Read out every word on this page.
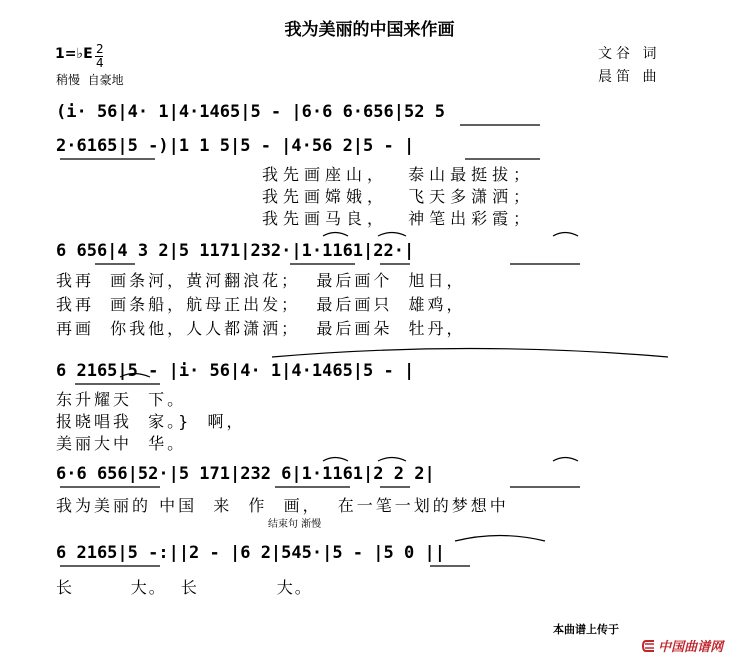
我为美丽的中国来作画
1=♭E 2
4
稍慢  自豪地
文谷 词
晨笛 曲
(i· 56|4· 1|4·1465|5 - |6·6 6·656|52 5
2·6165|5 -)|1 1 5|5 - |4·56 2|5 - |
我先画座山，  泰山最挺拔；
我先画嫦娥，  飞天多潇洒；
我先画马良，  神笔出彩霞；
6 656|4 3 2|5 1171|232·|1·1161|22·|
我再  画条河，黄河翻浪花；  最后画个  旭日，
我再  画条船，航母正出发；  最后画只  雄鸡，
再画  你我他，人人都潇洒；  最后画朵  牡丹，
6 2165|5 - |i· 56|4· 1|4·1465|5 - |
东升耀天  下。
报晓唱我  家。}  啊，
美丽大中  华。
6·6 656|52·|5 171|232 6|1·1161|2 2 2|
我为美丽的 中国  来  作  画，  在一笔一划的梦想中
结束句 渐慢
6 2165|5 -:||2 - |6 2|545·|5 - |5 0 ||
长        大。  长           大。
本曲谱上传于

中国曲谱网
